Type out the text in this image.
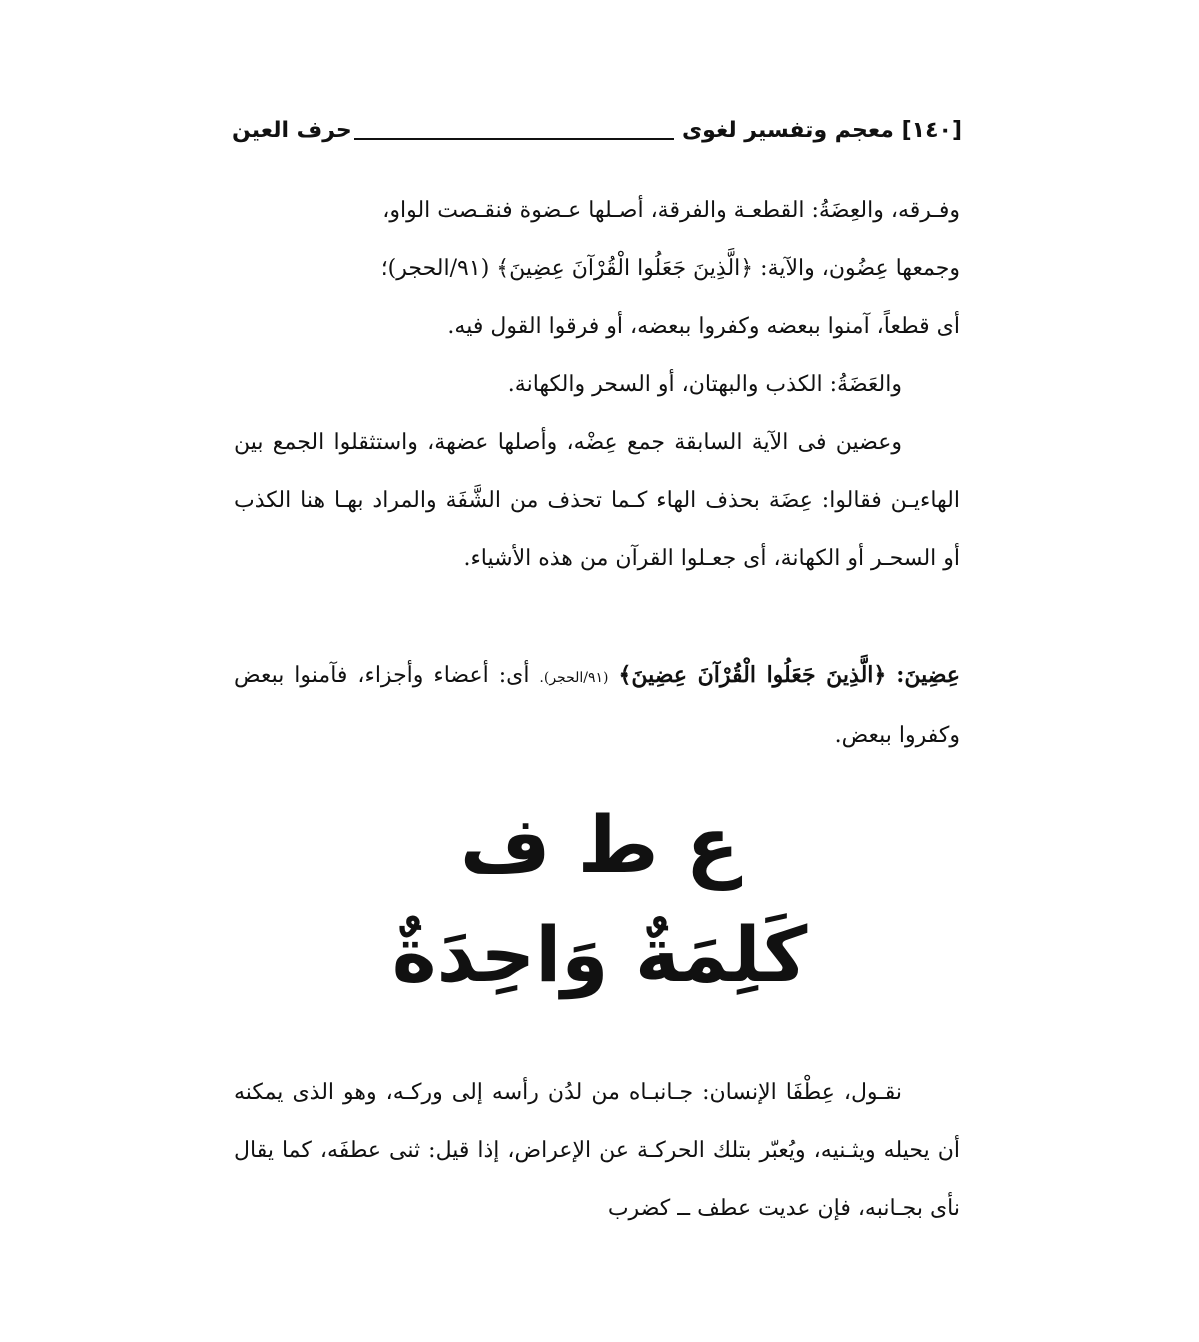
[١٤٠] معجم وتفسير لغوى
حرف العين

وفـرقه، والعِضَةُ: القطعـة والفرقة، أصـلها عـضوة فنقـصت الواو،

وجمعها عِضُون، والآية: ﴿الَّذِينَ جَعَلُوا الْقُرْآنَ عِضِينَ﴾ (٩١/الحجر)؛

أى قطعاً، آمنوا ببعضه وكفروا ببعضه، أو فرقوا القول فيه.

والعَضَةُ: الكذب والبهتان، أو السحر والكهانة.

وعضين فى الآية السابقة جمع عِضْه، وأصلها عضهة، واستثقلوا الجمع بين الهاءيـن فقالوا: عِضَة بحذف الهاء كـما تحذف من الشَّفَة والمراد بهـا هنا الكذب أو السحـر أو الكهانة، أى جعـلوا القرآن من هذه الأشياء.

عِضِينَ: ﴿الَّذِينَ جَعَلُوا الْقُرْآنَ عِضِينَ﴾ (٩١/الحجر). أى: أعضاء وأجزاء، فآمنوا ببعض وكفروا ببعض.

ع ط ف
كَلِمَةٌ وَاحِدَةٌ

نقـول، عِطْفَا الإنسان: جـانبـاه من لدُن رأسه إلى وركـه، وهو الذى يمكنه أن يحيله ويثـنيه، ويُعبّر بتلك الحركـة عن الإعراض، إذا قيل: ثنى عطفَه، كما يقال نأى بجـانبه، فإن عديت عطف ــ كضرب
